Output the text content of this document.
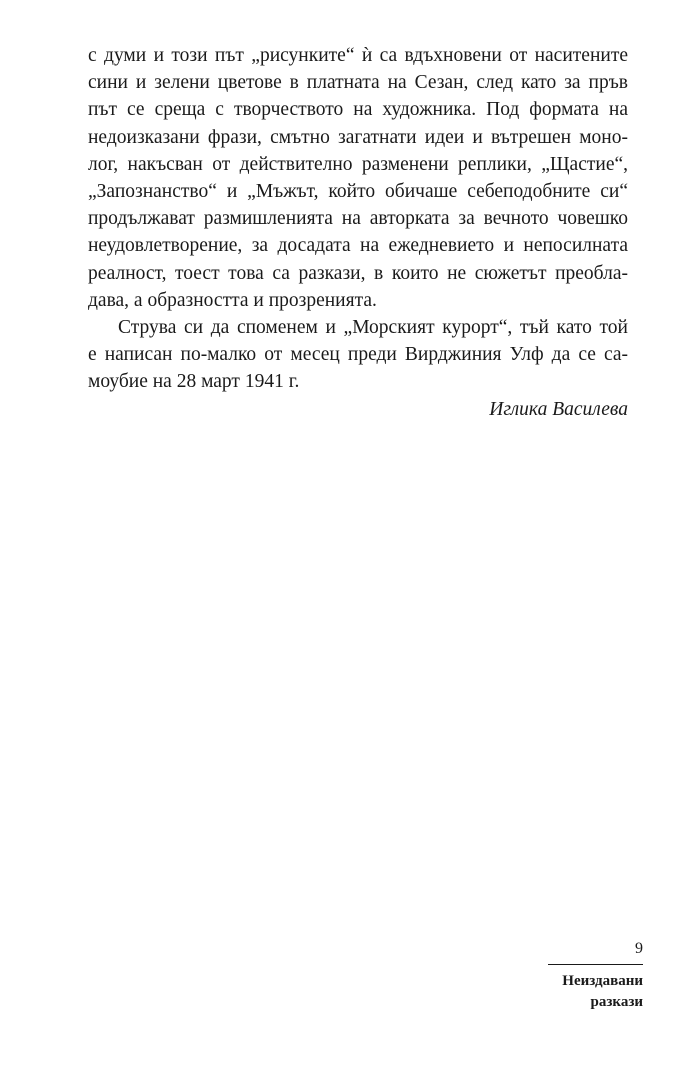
с думи и този път „рисунките“ ѝ са вдъхновени от наситените
сини и зелени цветове в платната на Сезан, след като за пръв
път се среща с творчеството на художника. Под формата на
недоизказани фрази, смътно загатнати идеи и вътрешен моно-
лог, накъсван от действително разменени реплики, „Щастие“,
„Запознанство“ и „Мъжът, който обичаше себеподобните си“
продължават размишленията на авторката за вечното човешко
неудовлетворение, за досадата на ежедневието и непосилната
реалност, тоест това са разкази, в които не сюжетът преобла-
дава, а образността и прозренията.
Струва си да споменем и „Морският курорт“, тъй като той
е написан по-малко от месец преди Вирджиния Улф да се са-
моубие на 28 март 1941 г.
Иглика Василева
9
Неиздавани
разкази
